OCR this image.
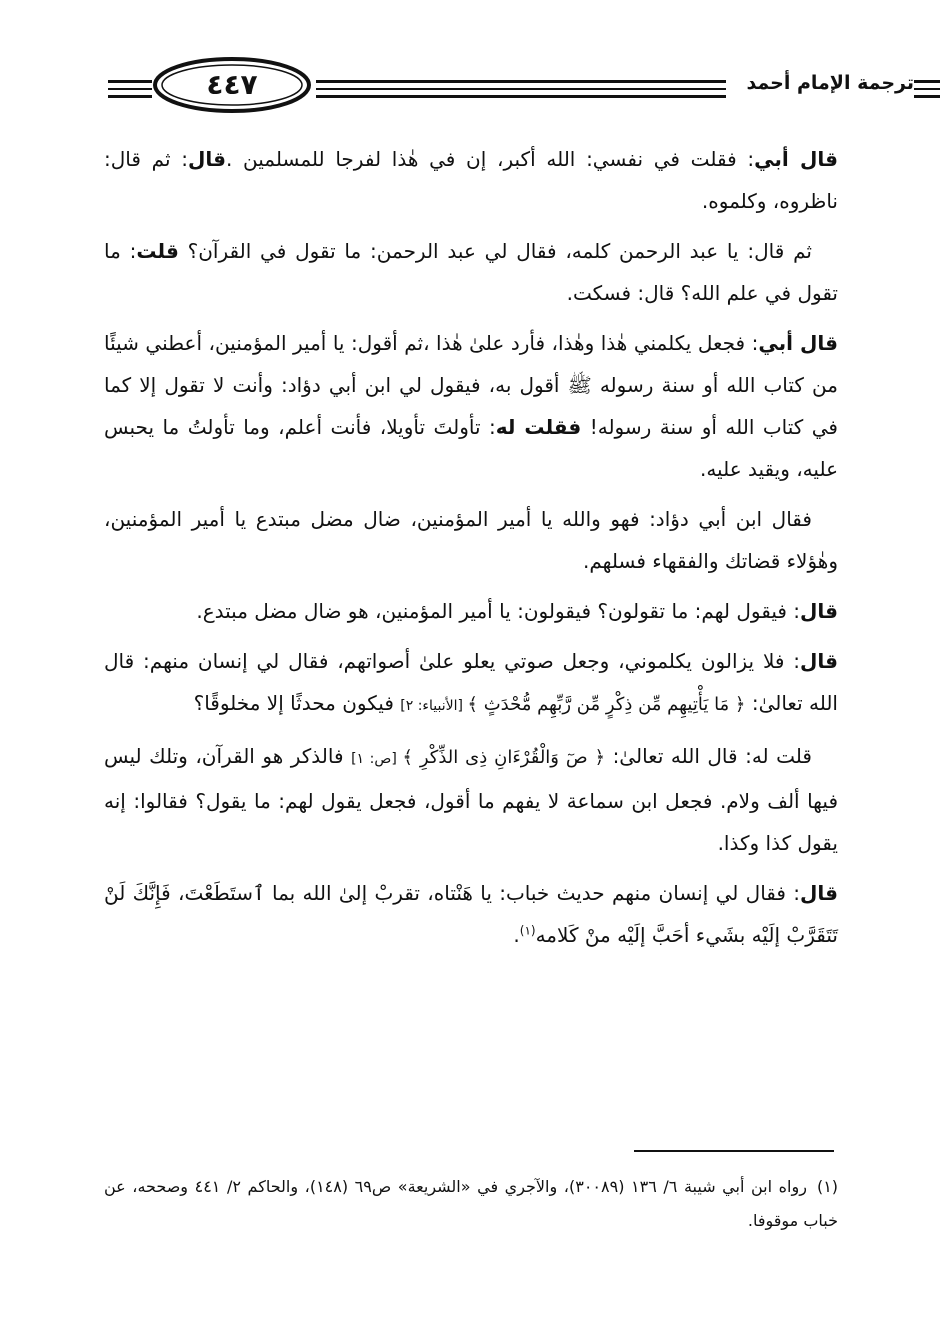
٤٤٧	ترجمة الإمام أحمد

قال أبي: فقلت في نفسي: الله أكبر، إن في هٰذا لفرجا للمسلمين .قال: ثم قال: ناظروه، وكلموه.

ثم قال: يا عبد الرحمن كلمه، فقال لي عبد الرحمن: ما تقول في القرآن؟ قلت: ما تقول في علم الله؟ قال: فسكت.

قال أبي: فجعل يكلمني هٰذا وهٰذا، فأرد علىٰ هٰذا ،ثم أقول: يا أمير المؤمنين، أعطني شيئًا من كتاب الله أو سنة رسوله ﷺ أقول به، فيقول لي ابن أبي دؤاد: وأنت لا تقول إلا كما في كتاب الله أو سنة رسوله! فقلت له: تأولتَ تأويلا، فأنت أعلم، وما تأولتُ ما يحبس عليه، ويقيد عليه.

فقال ابن أبي دؤاد: فهو والله يا أمير المؤمنين، ضال مضل مبتدع يا أمير المؤمنين، وهٰؤلاء قضاتك والفقهاء فسلهم.

قال: فيقول لهم: ما تقولون؟ فيقولون: يا أمير المؤمنين، هو ضال مضل مبتدع.

قال: فلا يزالون يكلموني، وجعل صوتي يعلو علىٰ أصواتهم، فقال لي إنسان منهم: قال الله تعالىٰ: ﴿ مَا يَأْتِيهِم مِّن ذِكْرٍ مِّن رَّبِّهِم مُّحْدَثٍ ﴾ [الأنبياء: ٢] فيكون محدثًا إلا مخلوقًا؟

قلت له: قال الله تعالىٰ: ﴿ صٓ وَالْقُرْءَانِ ذِى الذِّكْرِ ﴾ [ص: ١] فالذكر هو القرآن، وتلك ليس فيها ألف ولام. فجعل ابن سماعة لا يفهم ما أقول، فجعل يقول لهم: ما يقول؟ فقالوا: إنه يقول كذا وكذا.

قال: فقال لي إنسان منهم حديث خباب: يا هَنْتاه، تقربْ إلىٰ الله بما ٱستَطَعْتَ، فَإِنَّكَ لَنْ تَتَقَرَّبْ إلَيْه بشَيء أحَبَّ إلَيْه منْ كَلامه$^{(١)}$.

(١)رواه ابن أبي شيبة ٦/ ١٣٦ (٣٠٠٨٩)، والآجري في «الشريعة» ص٦٩ (١٤٨)، والحاكم ٢/ ٤٤١ وصححه، عن خباب موقوفا.
